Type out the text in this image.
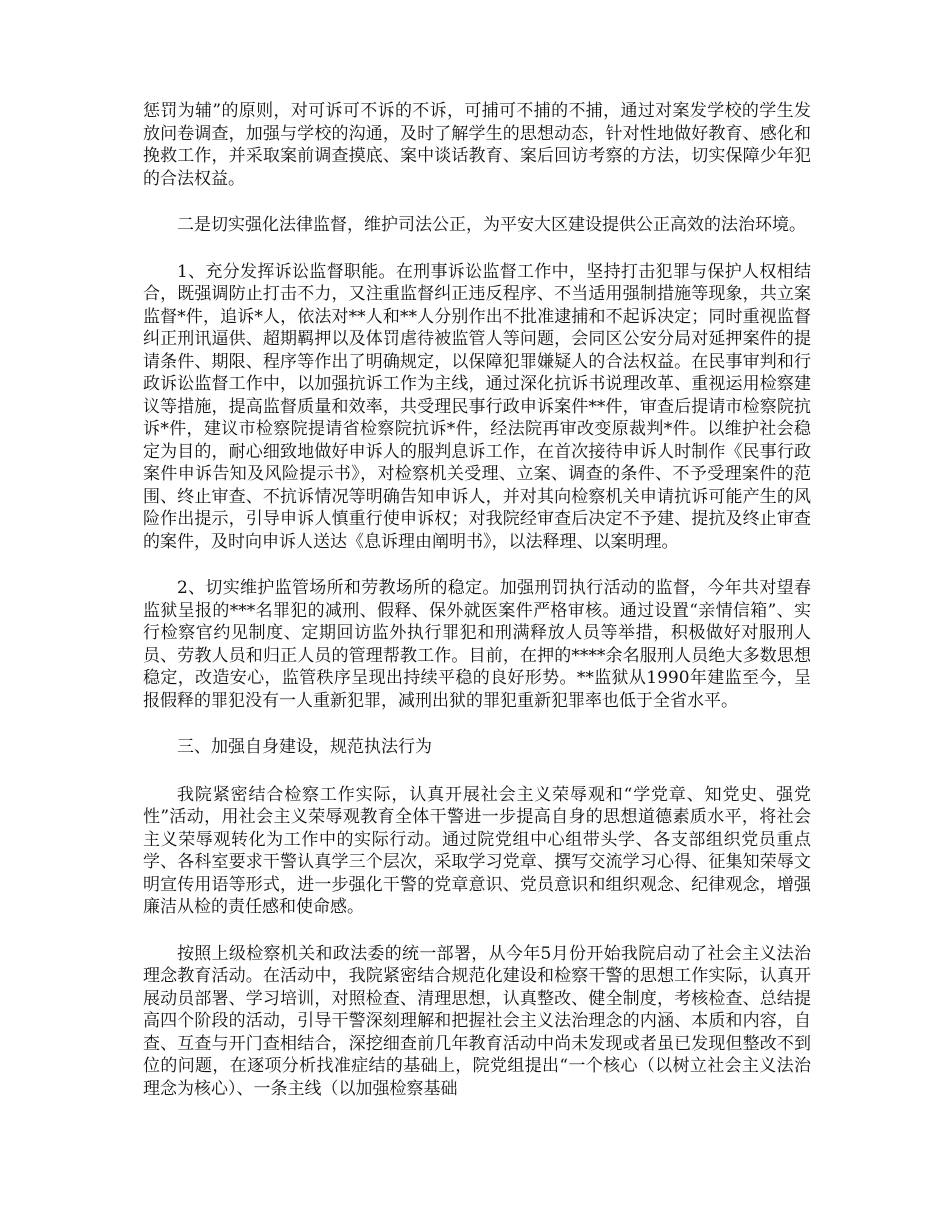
惩罚为辅”的原则，对可诉可不诉的不诉，可捕可不捕的不捕，通过对案发学校的学生发放问卷调查，加强与学校的沟通，及时了解学生的思想动态，针对性地做好教育、感化和挽救工作，并采取案前调查摸底、案中谈话教育、案后回访考察的方法，切实保障少年犯的合法权益。

二是切实强化法律监督，维护司法公正，为平安大区建设提供公正高效的法治环境。

1、充分发挥诉讼监督职能。在刑事诉讼监督工作中，坚持打击犯罪与保护人权相结合，既强调防止打击不力，又注重监督纠正违反程序、不当适用强制措施等现象，共立案监督*件，追诉*人，依法对**人和**人分别作出不批准逮捕和不起诉决定；同时重视监督纠正刑讯逼供、超期羁押以及体罚虐待被监管人等问题，会同区公安分局对延押案件的提请条件、期限、程序等作出了明确规定，以保障犯罪嫌疑人的合法权益。在民事审判和行政诉讼监督工作中，以加强抗诉工作为主线，通过深化抗诉书说理改革、重视运用检察建议等措施，提高监督质量和效率，共受理民事行政申诉案件**件，审查后提请市检察院抗诉*件，建议市检察院提请省检察院抗诉*件，经法院再审改变原裁判*件。以维护社会稳定为目的，耐心细致地做好申诉人的服判息诉工作，在首次接待申诉人时制作《民事行政案件申诉告知及风险提示书》，对检察机关受理、立案、调查的条件、不予受理案件的范围、终止审查、不抗诉情况等明确告知申诉人，并对其向检察机关申请抗诉可能产生的风险作出提示，引导申诉人慎重行使申诉权；对我院经审查后决定不予建、提抗及终止审查的案件，及时向申诉人送达《息诉理由阐明书》，以法释理、以案明理。

2、切实维护监管场所和劳教场所的稳定。加强刑罚执行活动的监督，今年共对望春监狱呈报的***名罪犯的减刑、假释、保外就医案件严格审核。通过设置“亲情信箱”、实行检察官约见制度、定期回访监外执行罪犯和刑满释放人员等举措，积极做好对服刑人员、劳教人员和归正人员的管理帮教工作。目前，在押的****余名服刑人员绝大多数思想稳定，改造安心，监管秩序呈现出持续平稳的良好形势。**监狱从1990年建监至今，呈报假释的罪犯没有一人重新犯罪，减刑出狱的罪犯重新犯罪率也低于全省水平。

三、加强自身建设，规范执法行为

我院紧密结合检察工作实际，认真开展社会主义荣辱观和“学党章、知党史、强党性”活动，用社会主义荣辱观教育全体干警进一步提高自身的思想道德素质水平，将社会主义荣辱观转化为工作中的实际行动。通过院党组中心组带头学、各支部组织党员重点学、各科室要求干警认真学三个层次，采取学习党章、撰写交流学习心得、征集知荣辱文明宣传用语等形式，进一步强化干警的党章意识、党员意识和组织观念、纪律观念，增强廉洁从检的责任感和使命感。

按照上级检察机关和政法委的统一部署，从今年5月份开始我院启动了社会主义法治理念教育活动。在活动中，我院紧密结合规范化建设和检察干警的思想工作实际，认真开展动员部署、学习培训，对照检查、清理思想，认真整改、健全制度，考核检查、总结提高四个阶段的活动，引导干警深刻理解和把握社会主义法治理念的内涵、本质和内容，自查、互查与开门查相结合，深挖细查前几年教育活动中尚未发现或者虽已发现但整改不到位的问题，在逐项分析找准症结的基础上，院党组提出“一个核心（以树立社会主义法治理念为核心）、一条主线（以加强检察基础
